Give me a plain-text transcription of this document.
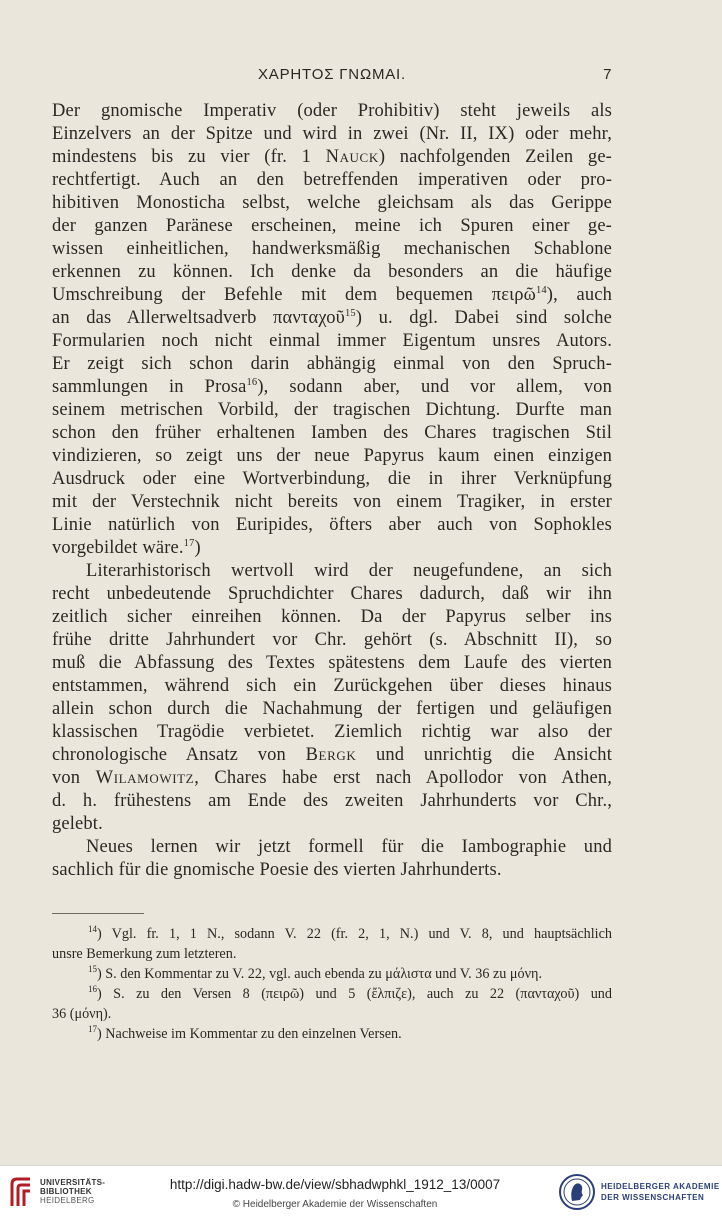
ΧΑΡΗΤΟΣ ΓΝΩΜΑΙ.	7
Der gnomische Imperativ (oder Prohibitiv) steht jeweils als
Einzelvers an der Spitze und wird in zwei (Nr. II, IX) oder mehr,
mindestens bis zu vier (fr. 1 Nauck) nachfolgenden Zeilen ge-
rechtfertigt. Auch an den betreffenden imperativen oder pro-
hibitiven Monosticha selbst, welche gleichsam als das Gerippe
der ganzen Paränese erscheinen, meine ich Spuren einer ge-
wissen einheitlichen, handwerksmäßig mechanischen Schablone
erkennen zu können. Ich denke da besonders an die häufige
Umschreibung der Befehle mit dem bequemen πειρῶ$^{14}$), auch
an das Allerweltsadverb πανταχοῦ$^{15}$) u. dgl. Dabei sind solche
Formularien noch nicht einmal immer Eigentum unsres Autors.
Er zeigt sich schon darin abhängig einmal von den Spruch-
sammlungen in Prosa$^{16}$), sodann aber, und vor allem, von
seinem metrischen Vorbild, der tragischen Dichtung. Durfte man
schon den früher erhaltenen Iamben des Chares tragischen Stil
vindizieren, so zeigt uns der neue Papyrus kaum einen einzigen
Ausdruck oder eine Wortverbindung, die in ihrer Verknüpfung
mit der Verstechnik nicht bereits von einem Tragiker, in erster
Linie natürlich von Euripides, öfters aber auch von Sophokles
vorgebildet wäre.$^{17}$)
Literarhistorisch wertvoll wird der neugefundene, an sich
recht unbedeutende Spruchdichter Chares dadurch, daß wir ihn
zeitlich sicher einreihen können. Da der Papyrus selber ins
frühe dritte Jahrhundert vor Chr. gehört (s. Abschnitt II), so
muß die Abfassung des Textes spätestens dem Laufe des vierten
entstammen, während sich ein Zurückgehen über dieses hinaus
allein schon durch die Nachahmung der fertigen und geläufigen
klassischen Tragödie verbietet. Ziemlich richtig war also der
chronologische Ansatz von Bergk und unrichtig die Ansicht
von Wilamowitz, Chares habe erst nach Apollodor von Athen,
d. h. frühestens am Ende des zweiten Jahrhunderts vor Chr.,
gelebt.
Neues lernen wir jetzt formell für die Iambographie und
sachlich für die gnomische Poesie des vierten Jahrhunderts.
$^{14}$) Vgl. fr. 1, 1 N., sodann V. 22 (fr. 2, 1, N.) und V. 8, und hauptsächlich
unsre Bemerkung zum letzteren.
$^{15}$) S. den Kommentar zu V. 22, vgl. auch ebenda zu μάλιστα und V. 36 zu μόνη.
$^{16}$) S. zu den Versen 8 (πειρῶ) und 5 (ἔλπιζε), auch zu 22 (πανταχοῦ) und
36 (μόνη).
$^{17}$) Nachweise im Kommentar zu den einzelnen Versen.
UNIVERSITÄTS-
BIBLIOTHEK
HEIDELBERG
http://digi.hadw-bw.de/view/sbhadwphkl_1912_13/0007
© Heidelberger Akademie der Wissenschaften
HEIDELBERGER AKADEMIE
DER WISSENSCHAFTEN
